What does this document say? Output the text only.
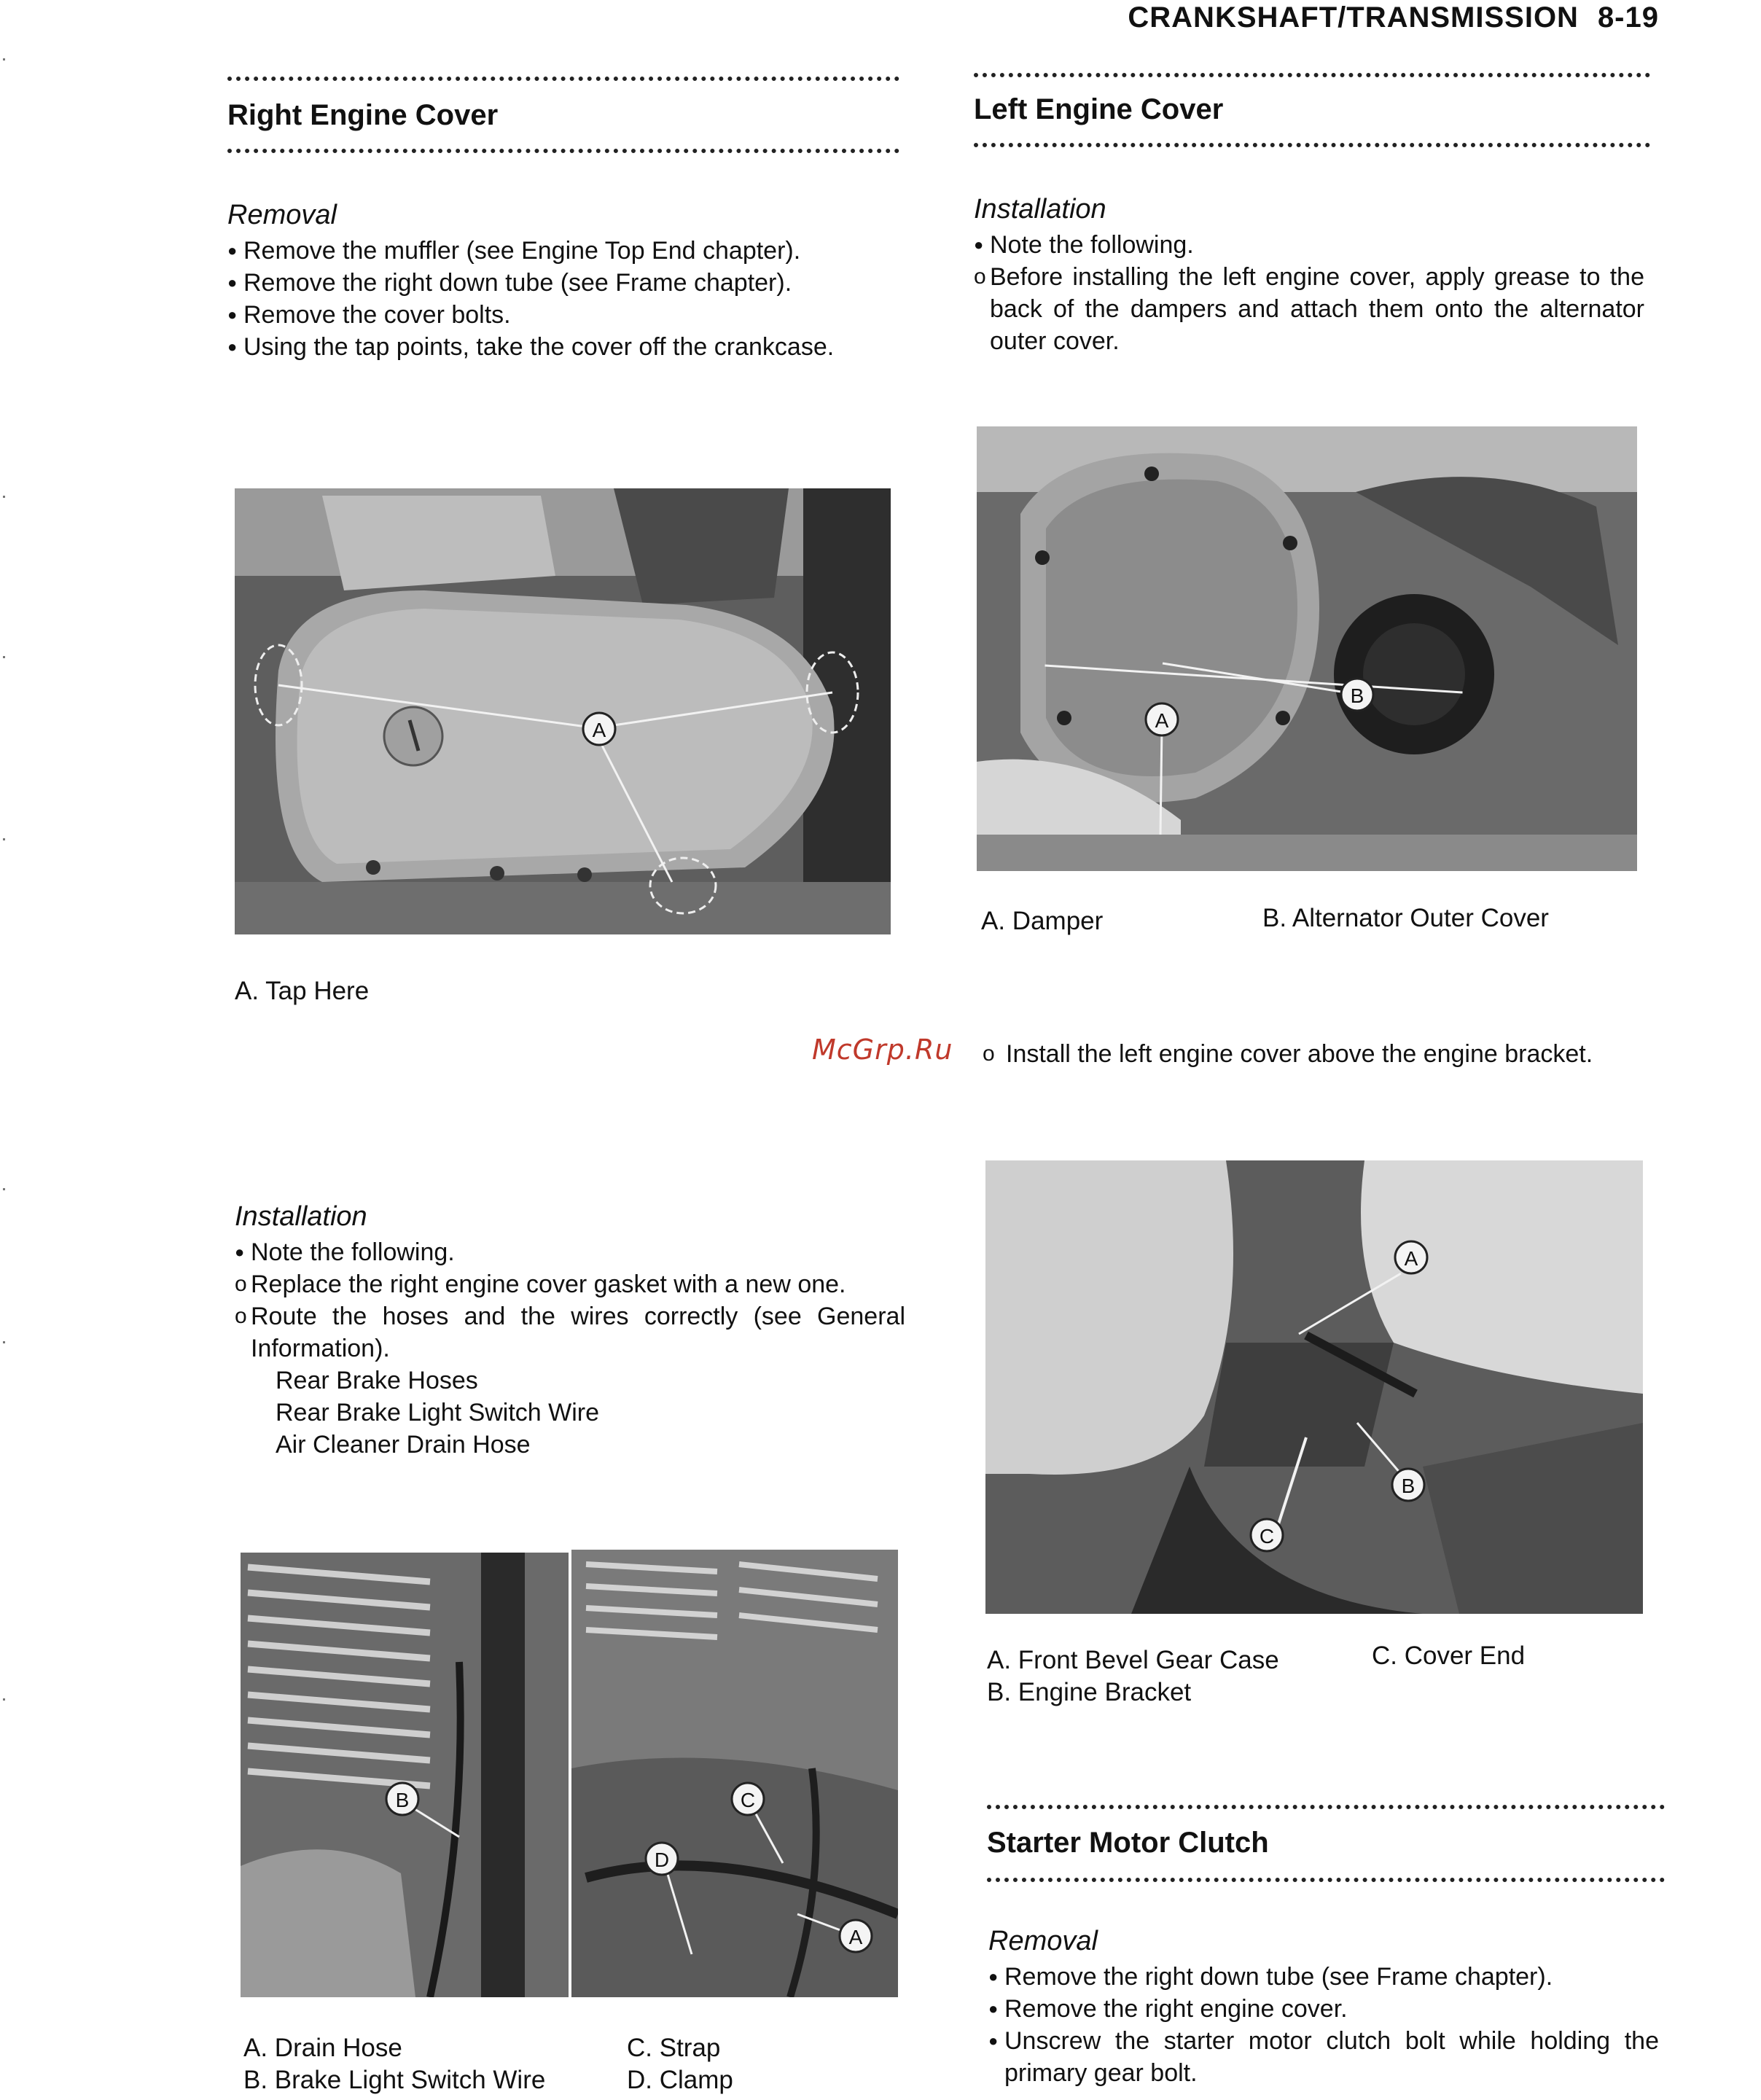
CRANKSHAFT/TRANSMISSION 8-19
Right Engine Cover
Removal

● Remove the muffler (see Engine Top End chapter).

● Remove the right down tube (see Frame chapter).

● Remove the cover bolts.

● Using the tap points, take the cover off the crankcase.

A
A. Tap Here
Installation

● Note the following.

o Replace the right engine cover gasket with a new one.

o Route the hoses and the wires correctly (see General Information).

Rear Brake Hoses

Rear Brake Light Switch Wire

Air Cleaner Drain Hose

B	C
D
A
A. Drain Hose
B. Brake Light Switch Wire
C. Strap
D. Clamp
McGrp.Ru
Left Engine Cover
Installation

● Note the following.

o Before installing the left engine cover, apply grease to the back of the dampers and attach them onto the alternator outer cover.

A
B
A. Damper	B. Alternator Outer Cover

o Install the left engine cover above the engine bracket.

A
B
C
A. Front Bevel Gear Case
B. Engine Bracket
C. Cover End
Starter Motor Clutch
Removal

● Remove the right down tube (see Frame chapter).

● Remove the right engine cover.

● Unscrew the starter motor clutch bolt while holding the primary gear bolt.
